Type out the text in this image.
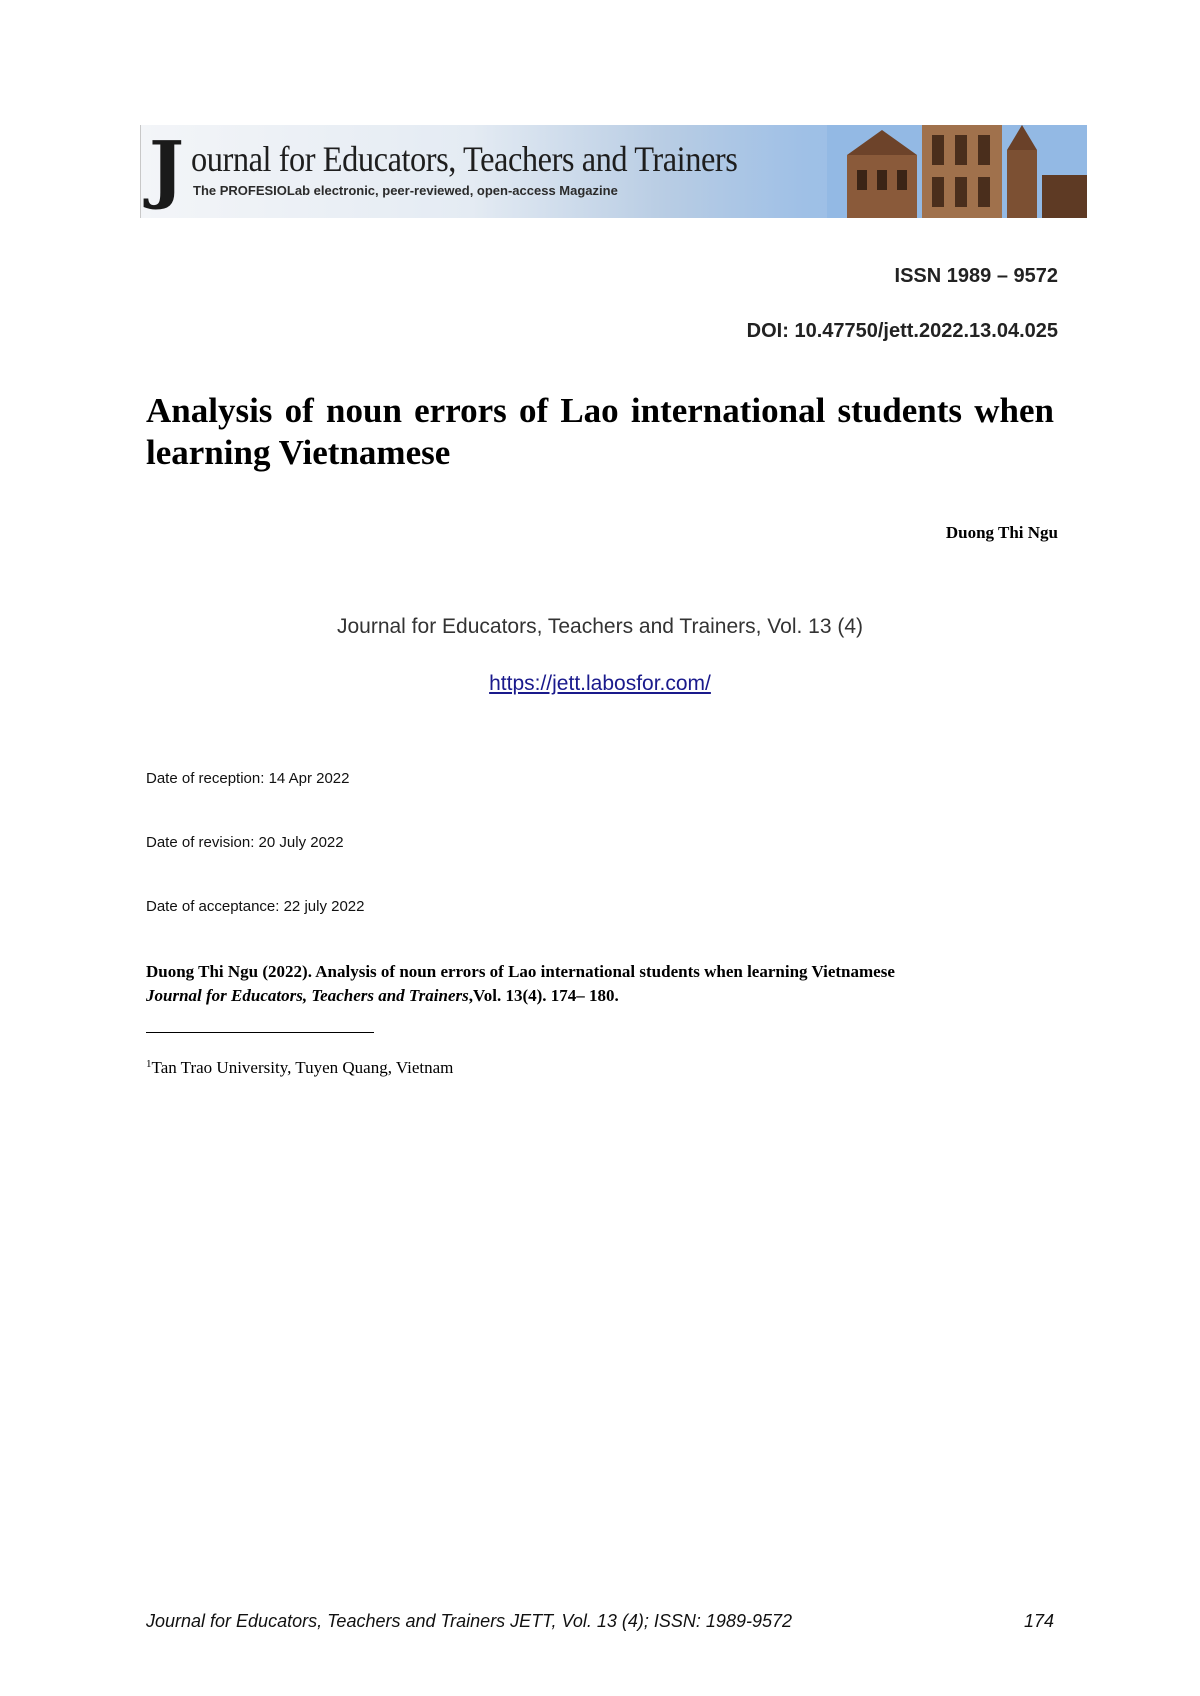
J ournal for Educators, Teachers and Trainers
The PROFESIOLab electronic, peer-reviewed, open-access Magazine
ISSN 1989 – 9572
DOI: 10.47750/jett.2022.13.04.025
Analysis of noun errors of Lao international students when learning Vietnamese
Duong Thi Ngu
Journal for Educators, Teachers and Trainers, Vol. 13 (4)
https://jett.labosfor.com/
Date of reception: 14 Apr 2022
Date of revision: 20 July 2022
Date of acceptance: 22 july 2022

Duong Thi Ngu (2022). Analysis of noun errors of Lao international students when learning Vietnamese
Journal for Educators, Teachers and Trainers,Vol. 13(4). 174– 180.

$^1$Tan Trao University, Tuyen Quang, Vietnam
Journal for Educators, Teachers and Trainers JETT, Vol. 13 (4); ISSN: 1989-9572	174
